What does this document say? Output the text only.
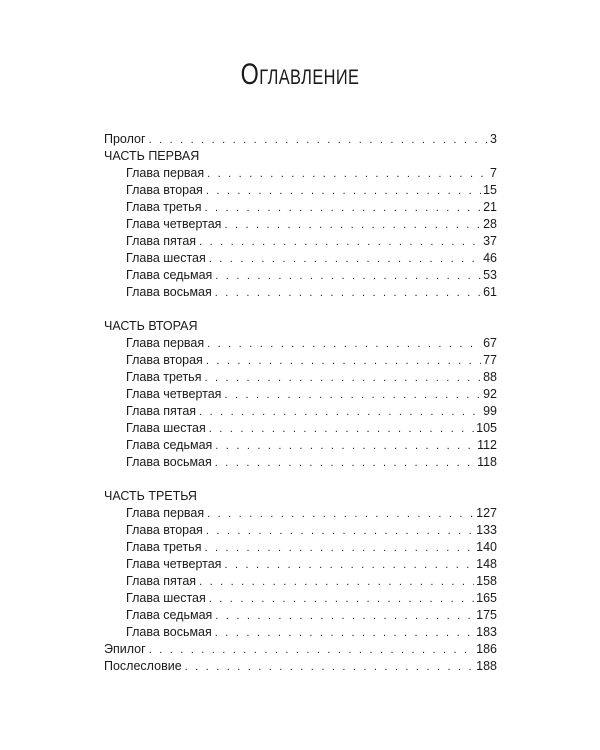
Оглавление
Пролог . . .	3
ЧАСТЬ ПЕРВАЯ
Глава первая . . .	7
Глава вторая . . .	15
Глава третья . . .	21
Глава четвертая . . .	28
Глава пятая . . .	37
Глава шестая . . .	46
Глава седьмая . . .	53
Глава восьмая . . .	61
ЧАСТЬ ВТОРАЯ
Глава первая . . .	67
Глава вторая . . .	77
Глава третья . . .	88
Глава четвертая . . .	92
Глава пятая . . .	99
Глава шестая . . .	105
Глава седьмая . . .	112
Глава восьмая . . .	118
ЧАСТЬ ТРЕТЬЯ
Глава первая . . .	127
Глава вторая . . .	133
Глава третья . . .	140
Глава четвертая . . .	148
Глава пятая . . .	158
Глава шестая . . .	165
Глава седьмая . . .	175
Глава восьмая . . .	183
Эпилог . . .	186
Послесловие . . .	188
